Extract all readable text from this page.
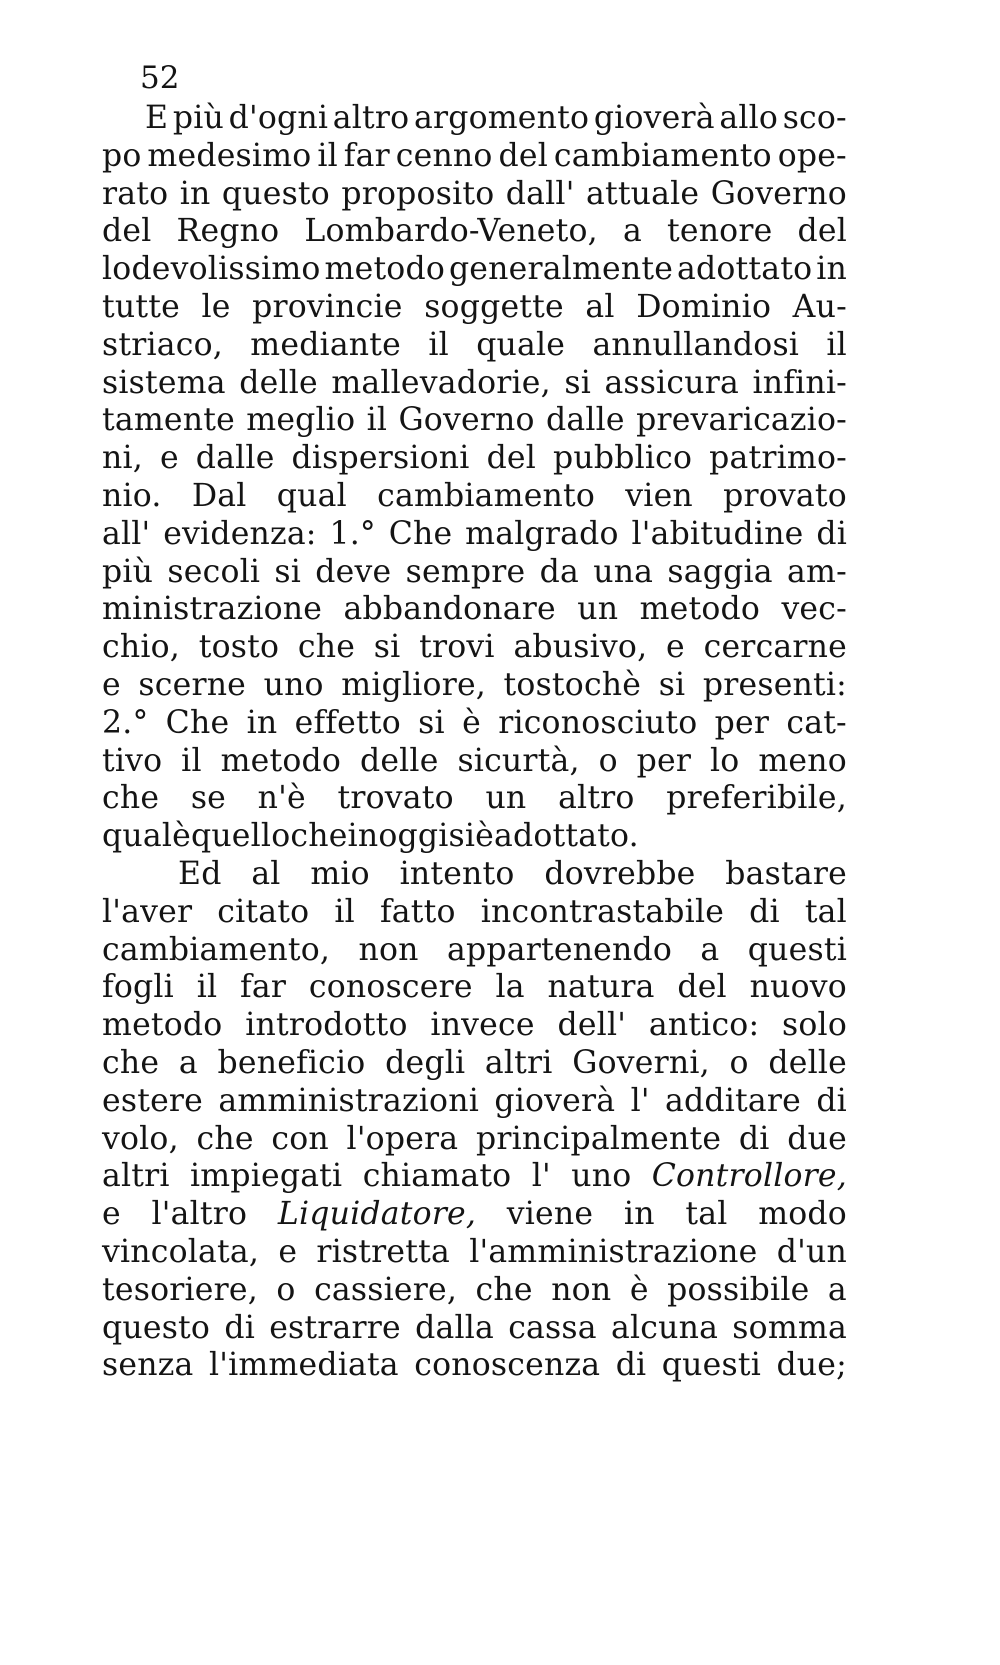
52
E più d'ogni altro argomento gioverà allo sco-
po medesimo il far cenno del cambiamento ope-
rato in questo proposito dall' attuale Governo
del Regno Lombardo-Veneto, a tenore del
lodevolissimo metodo generalmente adottato in
tutte le provincie soggette al Dominio Au-
striaco, mediante il quale annullandosi il
sistema delle mallevadorie, si assicura infini-
tamente meglio il Governo dalle prevaricazio-
ni, e dalle dispersioni del pubblico patrimo-
nio. Dal qual cambiamento vien provato
all' evidenza: 1.° Che malgrado l'abitudine di
più secoli si deve sempre da una saggia am-
ministrazione abbandonare un metodo vec-
chio, tosto che si trovi abusivo, e cercarne
e scerne uno migliore, tostochè si presenti:
2.° Che in effetto si è riconosciuto per cat-
tivo il metodo delle sicurtà, o per lo meno
che se n'è trovato un altro preferibile,
qual è quello che in oggi si è adottato.
Ed al mio intento dovrebbe bastare
l'aver citato il fatto incontrastabile di tal
cambiamento, non appartenendo a questi
fogli il far conoscere la natura del nuovo
metodo introdotto invece dell' antico: solo
che a beneficio degli altri Governi, o delle
estere amministrazioni gioverà l' additare di
volo, che con l'opera principalmente di due
altri impiegati chiamato l' uno Controllore,
e l'altro Liquidatore, viene in tal modo
vincolata, e ristretta l'amministrazione d'un
tesoriere, o cassiere, che non è possibile a
questo di estrarre dalla cassa alcuna somma
senza l'immediata conoscenza di questi due;
